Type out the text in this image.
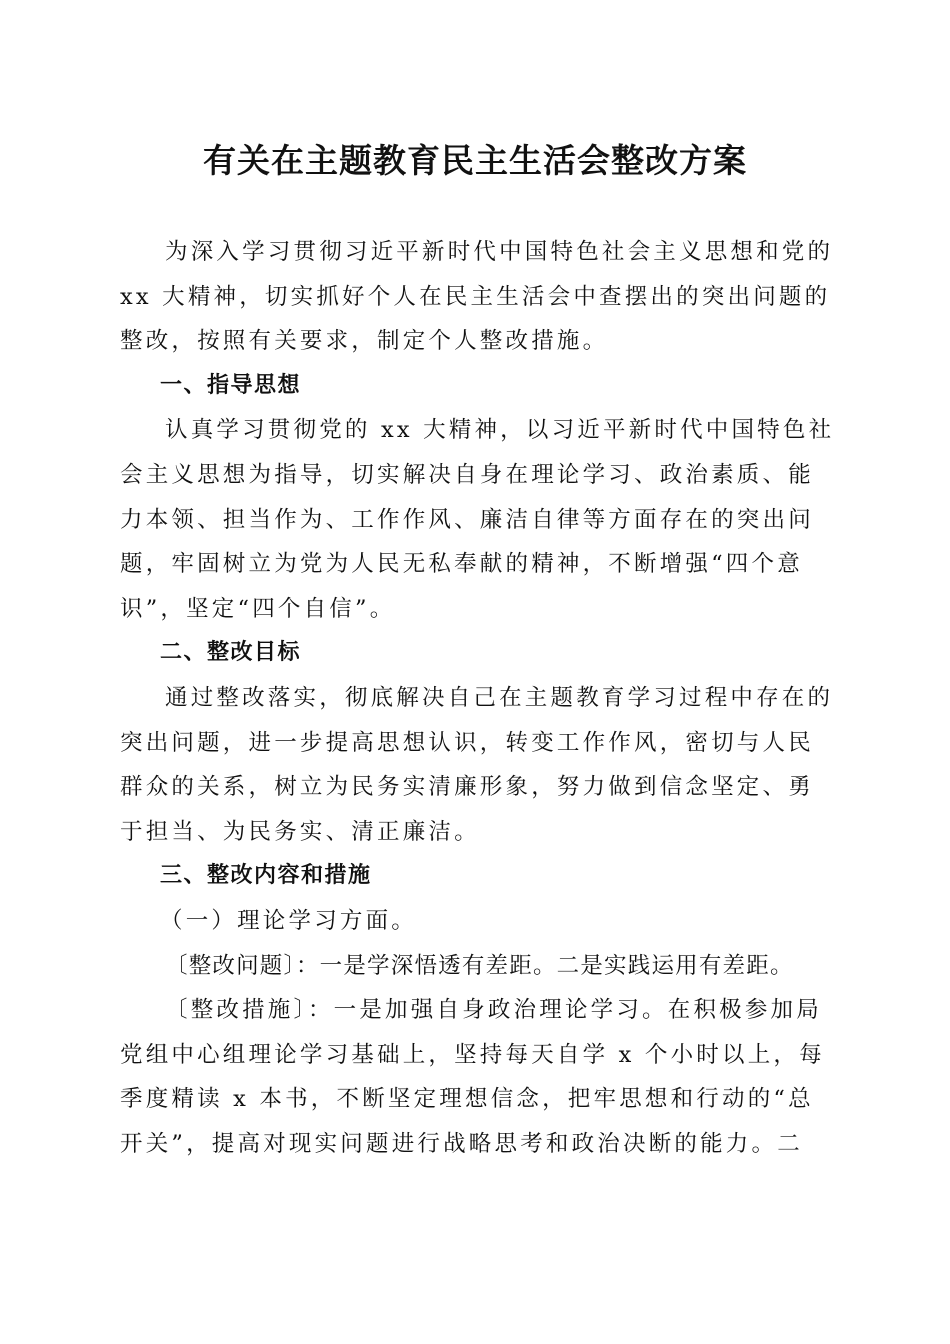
有关在主题教育民主生活会整改方案

为深入学习贯彻习近平新时代中国特色社会主义思想和党的
xx 大精神，切实抓好个人在民主生活会中查摆出的突出问题的
整改，按照有关要求，制定个人整改措施。

一、指导思想

认真学习贯彻党的 xx 大精神，以习近平新时代中国特色社
会主义思想为指导，切实解决自身在理论学习、政治素质、能
力本领、担当作为、工作作风、廉洁自律等方面存在的突出问
题，牢固树立为党为人民无私奉献的精神，不断增强“四个意
识”，坚定“四个自信”。

二、整改目标

通过整改落实，彻底解决自己在主题教育学习过程中存在的
突出问题，进一步提高思想认识，转变工作作风，密切与人民
群众的关系，树立为民务实清廉形象，努力做到信念坚定、勇
于担当、为民务实、清正廉洁。

三、整改内容和措施

（一）理论学习方面。

〔整改问题〕：一是学深悟透有差距。二是实践运用有差距。

〔整改措施〕：一是加强自身政治理论学习。在积极参加局
党组中心组理论学习基础上，坚持每天自学 x 个小时以上，每
季度精读 x 本书，不断坚定理想信念，把牢思想和行动的“总
开关”，提高对现实问题进行战略思考和政治决断的能力。二
